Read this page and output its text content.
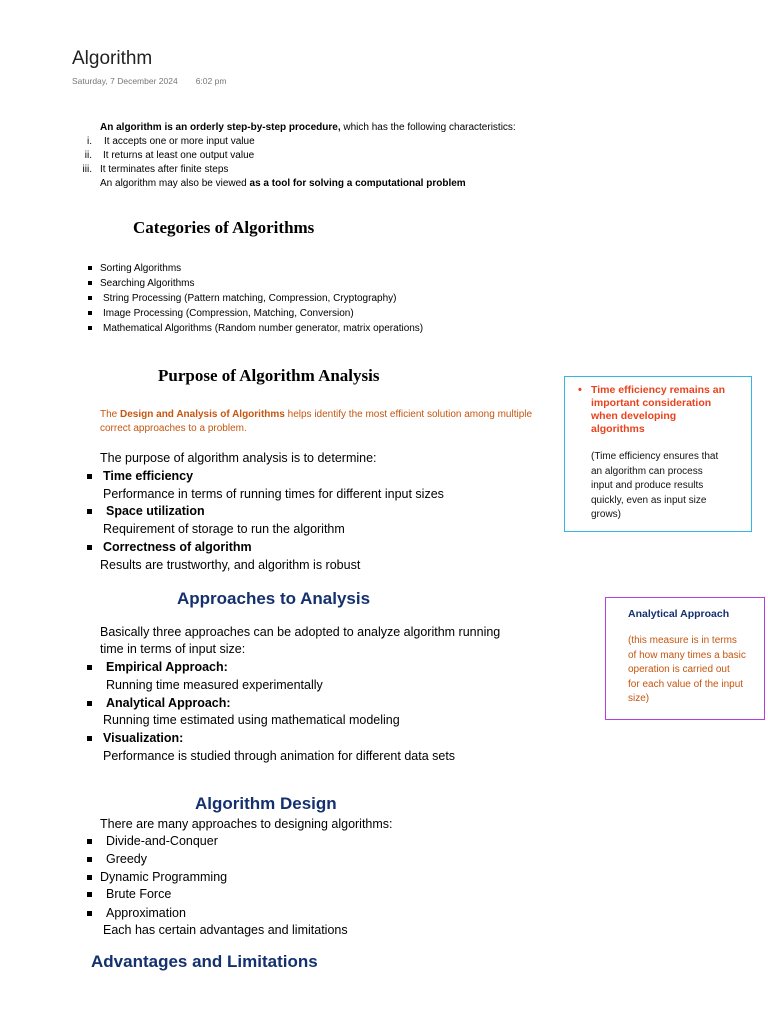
Algorithm
Saturday, 7 December 2024 6:02 pm
An algorithm is an orderly step-by-step procedure, which has the following characteristics:
i. It accepts one or more input value
ii. It returns at least one output value
iii. It terminates after finite steps
An algorithm may also be viewed as a tool for solving a computational problem
Categories of Algorithms
Sorting Algorithms
Searching Algorithms
String Processing (Pattern matching, Compression, Cryptography)
Image Processing (Compression, Matching, Conversion)
Mathematical Algorithms (Random number generator, matrix operations)
Purpose of Algorithm Analysis
The Design and Analysis of Algorithms helps identify the most efficient solution among multiple
correct approaches to a problem.
The purpose of algorithm analysis is to determine:
Time efficiency
Performance in terms of running times for different input sizes
Space utilization
Requirement of storage to run the algorithm
Correctness of algorithm
Results are trustworthy, and algorithm is robust
• Time efficiency remains an
important consideration
when developing
algorithms
(Time efficiency ensures that
an algorithm can process
input and produce results
quickly, even as input size
grows)
Approaches to Analysis
Basically three approaches can be adopted to analyze algorithm running
time in terms of input size:
Empirical Approach:
Running time measured experimentally
Analytical Approach:
Running time estimated using mathematical modeling
Visualization:
Performance is studied through animation for different data sets
Analytical Approach
(this measure is in terms
of how many times a basic
operation is carried out
for each value of the input
size)
Algorithm Design
There are many approaches to designing algorithms:
Divide-and-Conquer
Greedy
Dynamic Programming
Brute Force
Approximation
Each has certain advantages and limitations
Advantages and Limitations
